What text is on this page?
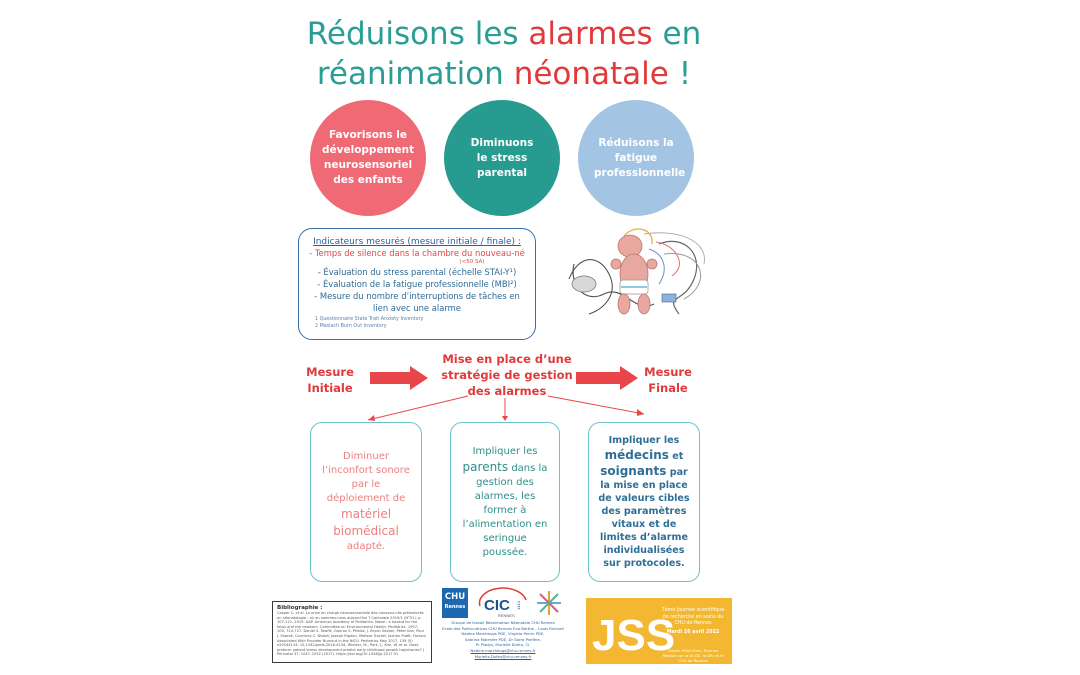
Réduisons les alarmes en
réanimation néonatale !
Favorisons le développement neurosensoriel des enfants
Diminuons le stress parental
Réduisons la fatigue professionnelle
Indicateurs mesurés (mesure initiale / finale) :
- Temps de silence dans la chambre du nouveau-né
(<50 SA)
- Évaluation du stress parental (échelle STAI-Y¹)
- Évaluation de la fatigue professionnelle (MBI²)
- Mesure du nombre d’interruptions de tâches en lien avec une alarme
1 Questionnaire State Trait Anxiety Inventory
2 Maslach Burn Out Inventory
Mesure Initiale
Mise en place d’une stratégie de gestion des alarmes
Mesure Finale
Diminuer l’inconfort sonore par le déploiement de matériel biomédical adapté.
Impliquer les parents dans la gestion des alarmes, les former à l’alimentation en seringue poussée.
Impliquer les médecins et soignants par la mise en place de valeurs cibles des paramètres vitaux et de limites d’alarme individualisées sur protocoles.
Bibliographie :
Casper C. et al. La prise en charge neurosensorielle des nouveau-nés prématurés en néonatalogie : où en sommes-nous aujourd'hui ? Contraste 2019/1 (N°51), p. 107-121. 2019. AAP. American Academy of Pediatrics. Noise : a hazard for the fetus and the newborn. Committee on Environmental Health. Pediatrics. 1997; 100, 724-727. Daniel S. Tawfik, Gaurav S. Phibbs, J. Bryan Sexton, Peter Kan, Paul J. Sharek, Courtney C. Nisbet, Joseph Rigdon, Melissa Trockel, Jochen Profit. Factors Associated With Provider Burnout in the NICU. Pediatrics May 2017, 139 (5) e20164134; 10.1542/peds.2016-4134. Winkler, M., Park, J., Kim, W. et al. Does preterm patient stress development predict early childhood growth trajectories? J Perinatol 37, 1047–1052 (2017). https://doi.org/10.1038/jp.2017.91
CHU
Rennes CIC 1414
RENNES
Groupe de travail Réanimation Néonatale CHU Rennes
Ecole des Puéricultrices CHU Rennes Eva Berthe – Louis Richard
Nadine Marchbugs PDE, Virginie Perrin PDE,
Sabrina Malenfer PDE, Dr Sarra Pinfière,
Pr Pladys, Murielle Dufeu, Cl.
Nadine.marchbugs@chu-rennes.fr
Murielle.Dufeu@chu-rennes.fr	JSS
7ème Journée scientifique de recherche en soins du CHU de Rennes
Mardi 26 avril 2022
Amphi Hôtel-Dieu, Rennes
Réalisé par la DCGS, la DRI et le CHU de Rennes
